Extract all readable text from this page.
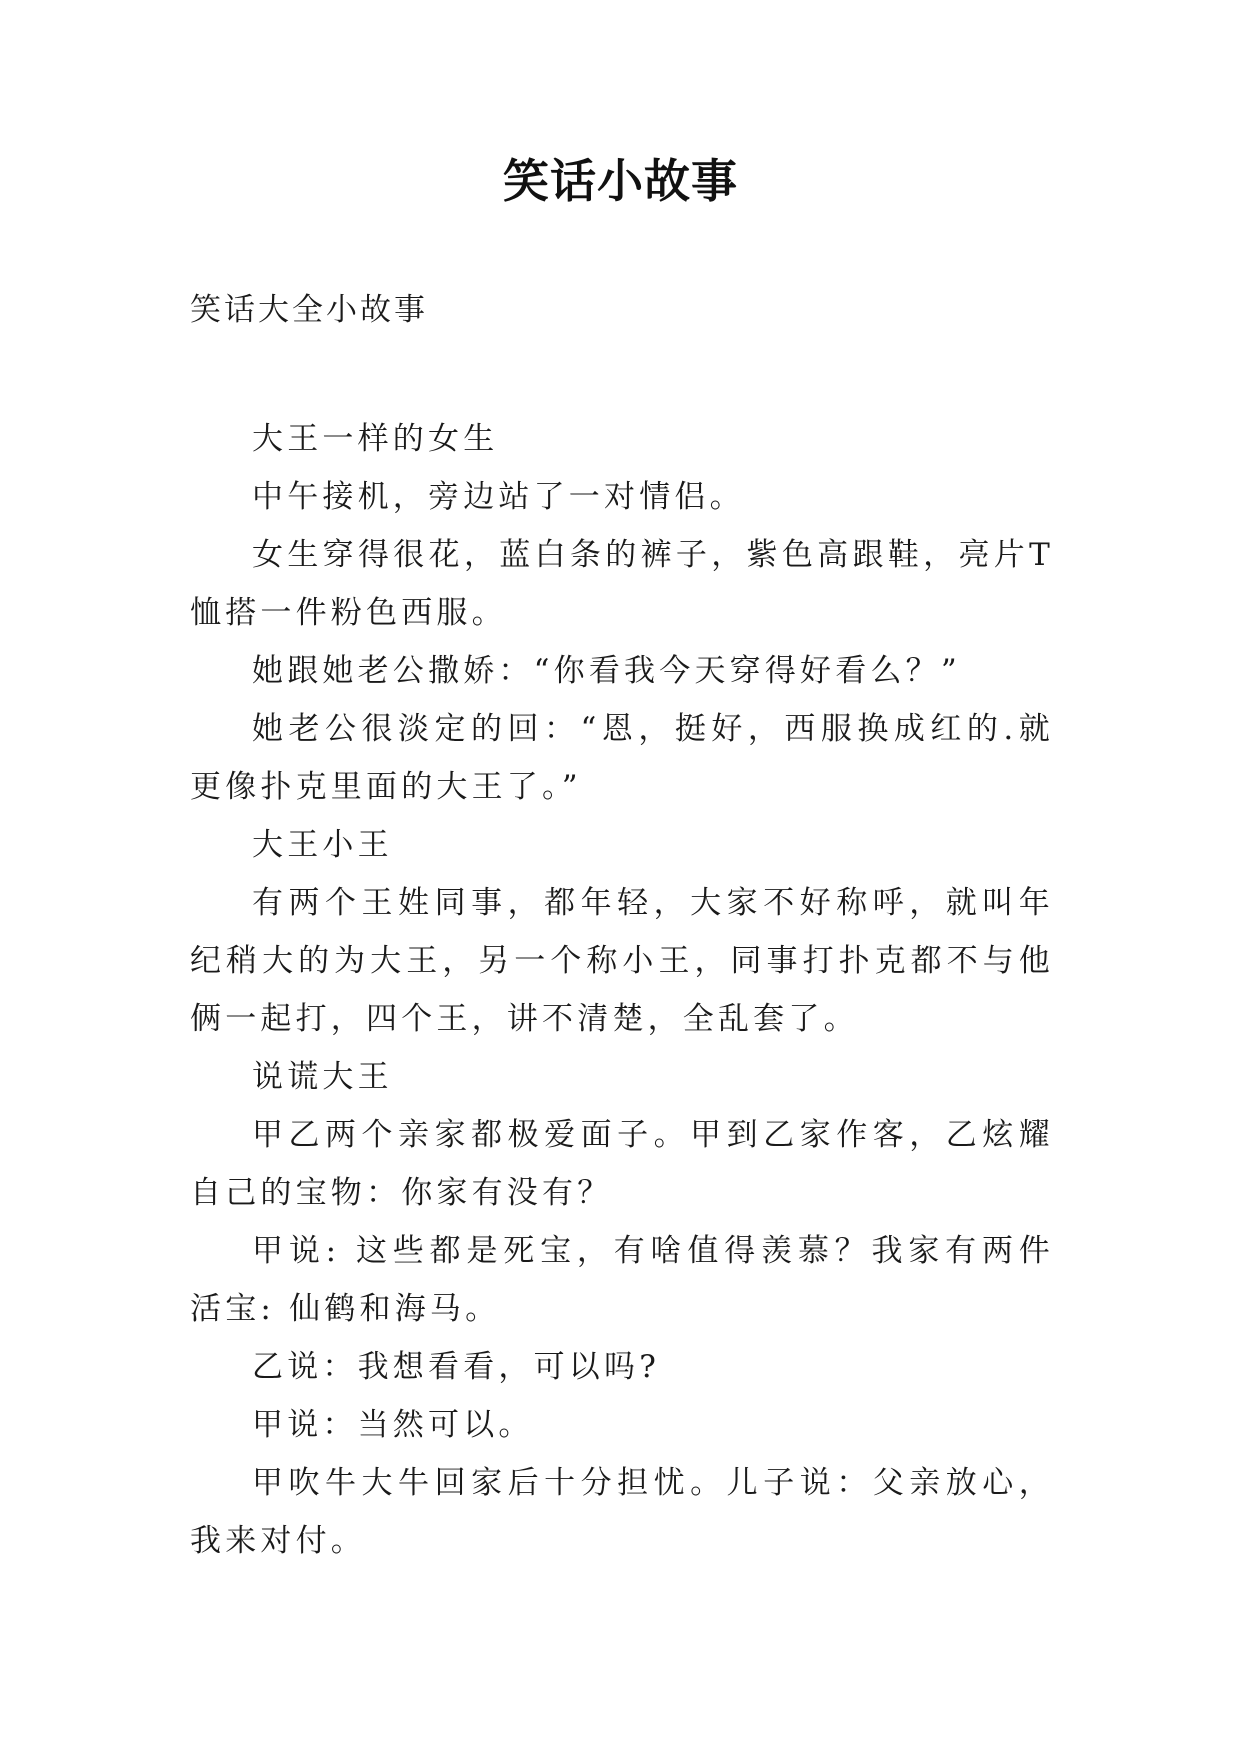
笑话小故事
笑话大全小故事

大王一样的女生

中午接机，旁边站了一对情侣。

女生穿得很花，蓝白条的裤子，紫色高跟鞋，亮片T恤搭一件粉色西服。

她跟她老公撒娇：“你看我今天穿得好看么？”

她老公很淡定的回：“恩，挺好，西服换成红的.就更像扑克里面的大王了。”

大王小王

有两个王姓同事，都年轻，大家不好称呼，就叫年纪稍大的为大王，另一个称小王，同事打扑克都不与他俩一起打，四个王，讲不清楚，全乱套了。

说谎大王

甲乙两个亲家都极爱面子。甲到乙家作客，乙炫耀自己的宝物：你家有没有？

甲说: 这些都是死宝，有啥值得羡慕？我家有两件活宝: 仙鹤和海马。

乙说：我想看看，可以吗?

甲说：当然可以。

甲吹牛大牛回家后十分担忧。儿子说：父亲放心，我来对付。
